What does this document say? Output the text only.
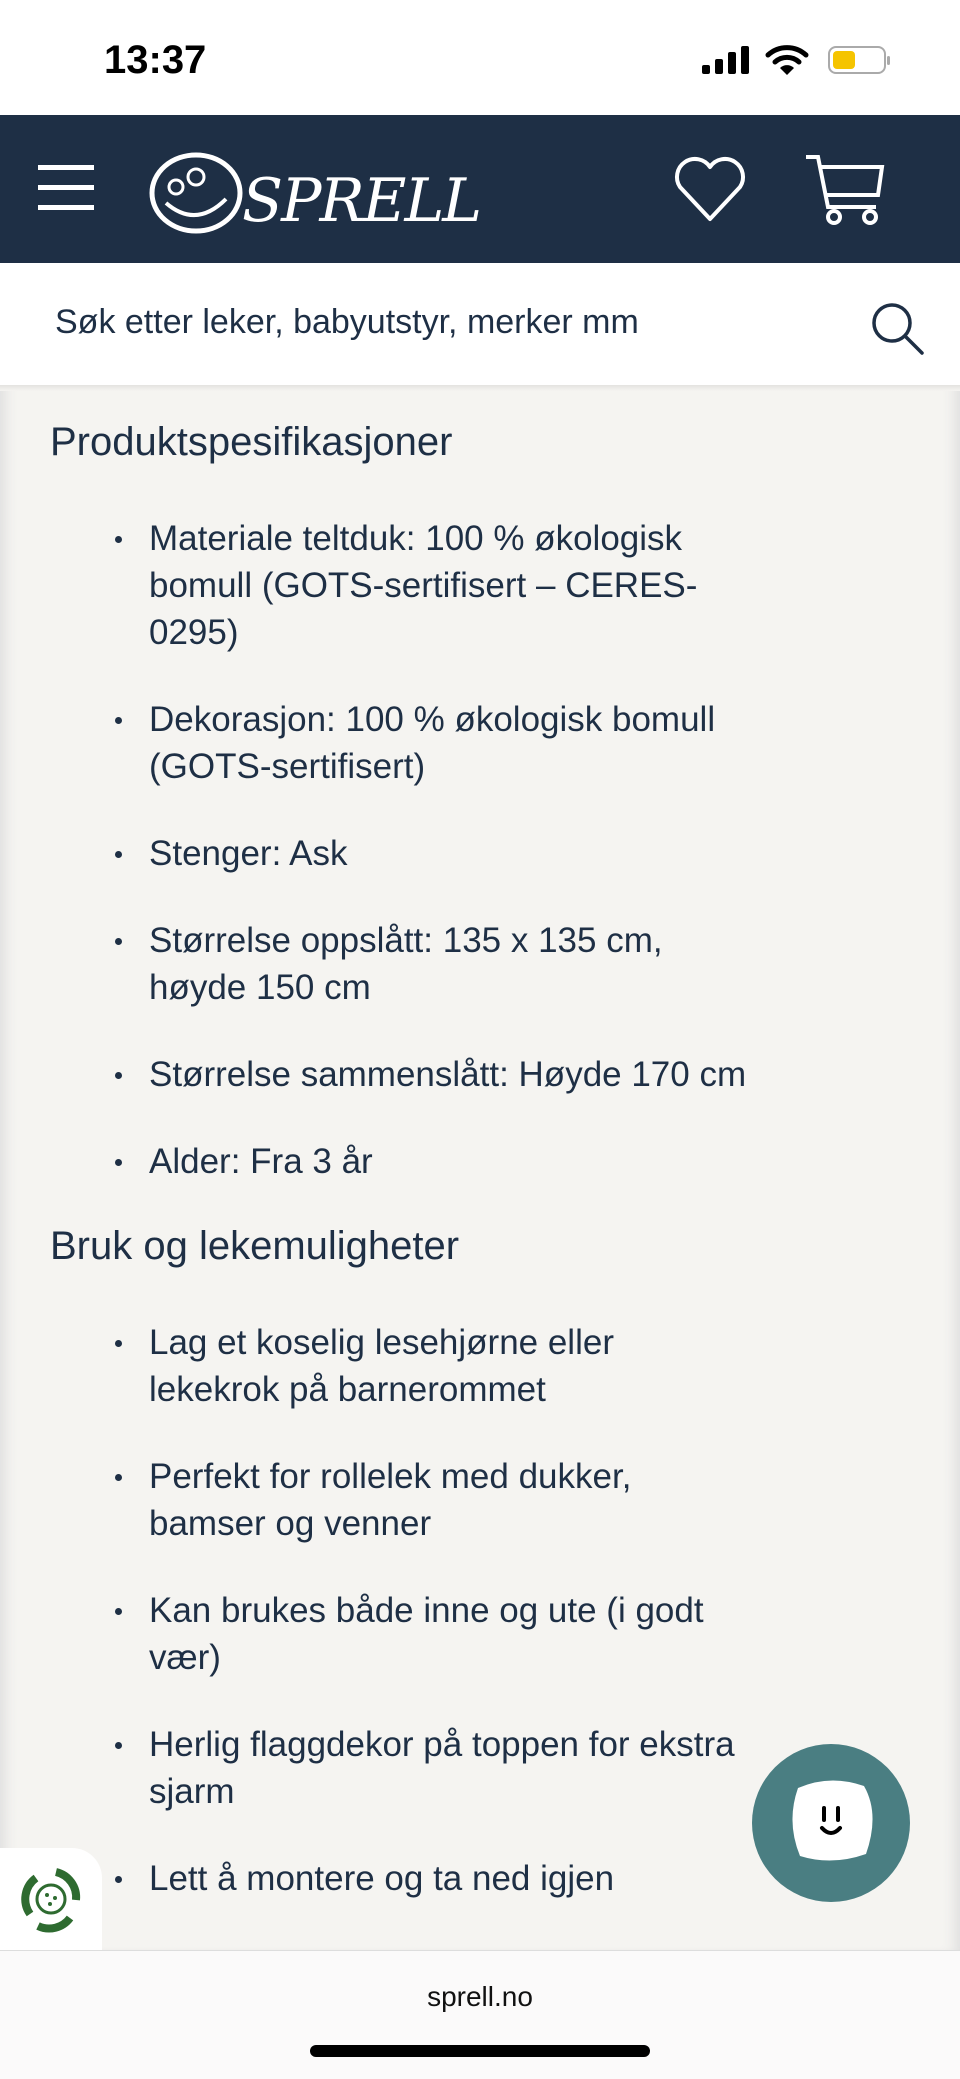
13:37
SPRELL
Søk etter leker, babyutstyr, merker mm
Produktspesifikasjoner
Materiale teltduk: 100 % økologisk bomull (GOTS-sertifisert – CERES-0295)
Dekorasjon: 100 % økologisk bomull (GOTS-sertifisert)
Stenger: Ask
Størrelse oppslått: 135 x 135 cm, høyde 150 cm
Størrelse sammenslått: Høyde 170 cm
Alder: Fra 3 år
Bruk og lekemuligheter
Lag et koselig lesehjørne eller lekekrok på barnerommet
Perfekt for rollelek med dukker, bamser og venner
Kan brukes både inne og ute (i godt vær)
Herlig flaggdekor på toppen for ekstra sjarm
Lett å montere og ta ned igjen
sprell.no
